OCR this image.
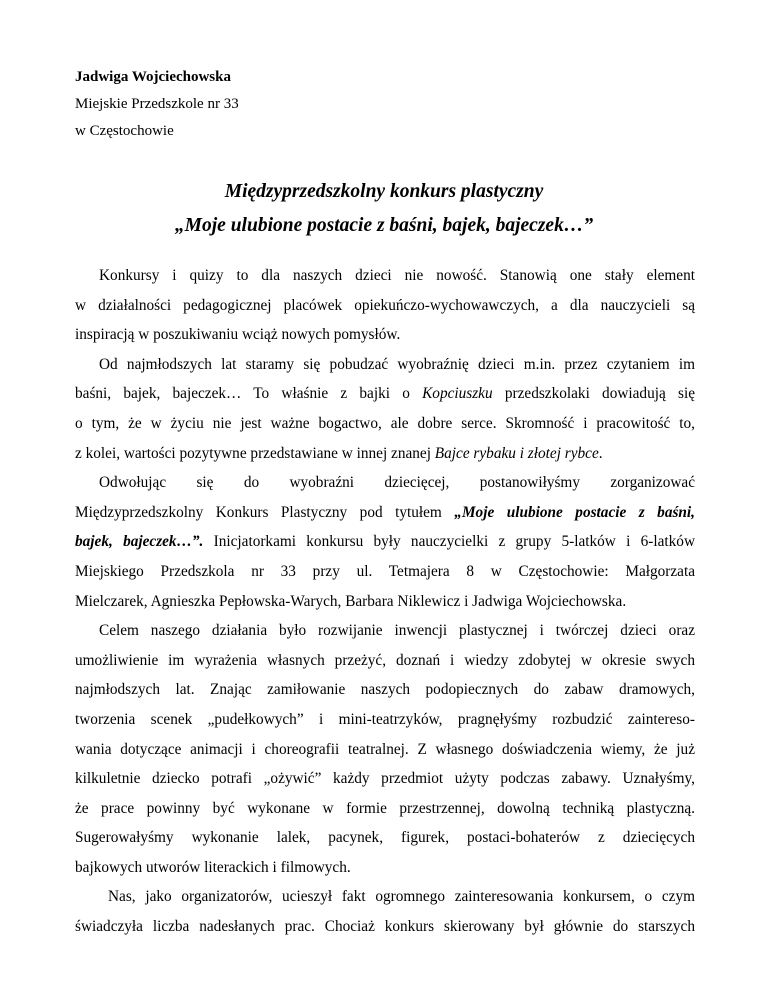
Jadwiga Wojciechowska
Miejskie Przedszkole nr 33
w Częstochowie
Międzyprzedszkolny konkurs plastyczny
„Moje ulubione postacie z baśni, bajek, bajeczek…”
Konkursy i quizy to dla naszych dzieci nie nowość. Stanowią one stały element
w działalności pedagogicznej placówek opiekuńczo-wychowawczych, a dla nauczycieli są
inspiracją w poszukiwaniu wciąż nowych pomysłów.
Od najmłodszych lat staramy się pobudzać wyobraźnię dzieci m.in. przez czytaniem im
baśni, bajek, bajeczek… To właśnie z bajki o Kopciuszku przedszkolaki dowiadują się
o tym, że w życiu nie jest ważne bogactwo, ale dobre serce. Skromność i pracowitość to,
z kolei, wartości pozytywne przedstawiane w innej znanej Bajce rybaku i złotej rybce.
Odwołując się do wyobraźni dziecięcej, postanowiłyśmy zorganizować
Międzyprzedszkolny Konkurs Plastyczny pod tytułem „Moje ulubione postacie z baśni,
bajek, bajeczek…”. Inicjatorkami konkursu były nauczycielki z grupy 5-latków i 6-latków
Miejskiego Przedszkola nr 33 przy ul. Tetmajera 8 w Częstochowie: Małgorzata
Mielczarek, Agnieszka Pepłowska-Warych, Barbara Niklewicz i Jadwiga Wojciechowska.
Celem naszego działania było rozwijanie inwencji plastycznej i twórczej dzieci oraz
umożliwienie im wyrażenia własnych przeżyć, doznań i wiedzy zdobytej w okresie swych
najmłodszych lat. Znając zamiłowanie naszych podopiecznych do zabaw dramowych,
tworzenia scenek „pudełkowych” i mini-teatrzyków, pragnęłyśmy rozbudzić zaintereso-
wania dotyczące animacji i choreografii teatralnej. Z własnego doświadczenia wiemy, że już
kilkuletnie dziecko potrafi „ożywić” każdy przedmiot użyty podczas zabawy. Uznałyśmy,
że prace powinny być wykonane w formie przestrzennej, dowolną techniką plastyczną.
Sugerowałyśmy wykonanie lalek, pacynek, figurek, postaci-bohaterów z dziecięcych
bajkowych utworów literackich i filmowych.
Nas, jako organizatorów, ucieszył fakt ogromnego zainteresowania konkursem, o czym
świadczyła liczba nadesłanych prac. Chociaż konkurs skierowany był głównie do starszych
